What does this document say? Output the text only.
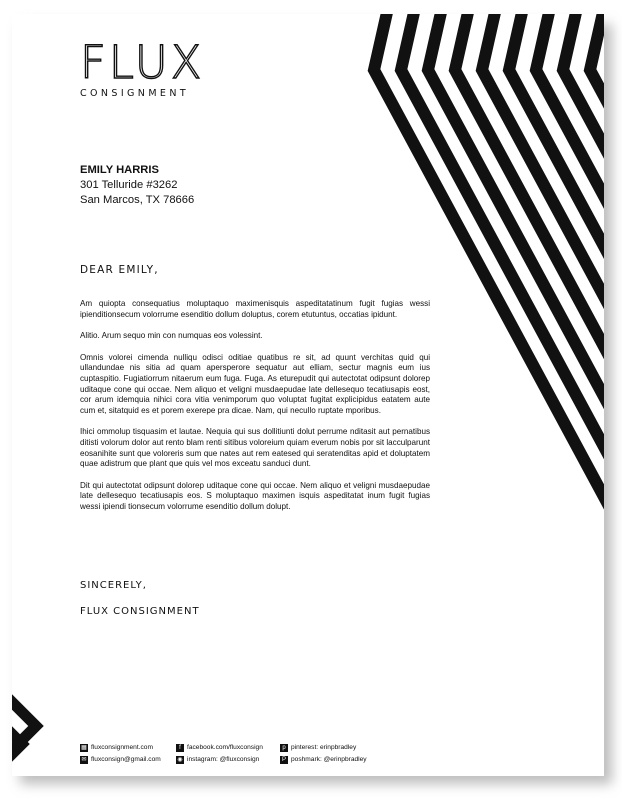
FLUX
CONSIGNMENT
EMILY HARRIS
301 Telluride #3262
San Marcos, TX 78666
DEAR EMILY,

Am quiopta consequatius moluptaquo maximenisquis aspeditatatinum fugit fugias wessi ipienditionsecum volorrume esenditio dollum doluptus, corem etutuntus, occatias ipidunt.

Alitio. Arum sequo min con numquas eos volessint.

Omnis volorei cimenda nulliqu odisci oditiae quatibus re sit, ad quunt verchitas quid qui ullandundae nis sitia ad quam apersperore sequatur aut elliam, sectur magnis eum ius cuptaspitio. Fugiatiorrum nitaerum eum fuga. Fuga. As eturepudit qui autectotat odipsunt dolorep uditaque cone qui occae. Nem aliquo et veligni musdaepudae late dellesequo tecatiusapis eost, cor arum idemquia nihici cora vitia venimporum quo voluptat fugitat explicipidus eatatem aute cum et, sitatquid es et porem exerepe pra dicae. Nam, qui necullo ruptate mporibus.

Ihici ommolup tisquasim et lautae. Nequia qui sus dollitiunti dolut perrume nditasit aut pernatibus ditisti volorum dolor aut rento blam renti sitibus voloreium quiam everum nobis por sit lacculparunt eosanihite sunt que voloreris sum que nates aut rem eatesed qui seratenditas apid et doluptatem quae adistrum que plant que quis vel mos exceatu sanduci dunt.

Dit qui autectotat odipsunt dolorep uditaque cone qui occae. Nem aliquo et veligni musdaepudae late dellesequo tecatiusapis eos. S moluptaquo maximen isquis aspeditatat inum fugit fugias wessi ipiendi tionsecum volorrume esenditio dollum dolupt.

SINCERELY,
FLUX CONSIGNMENT
▦ fluxconsignment.com
✉ fluxconsign@gmail.com
f facebook.com/fluxconsign
◉ instagram: @fluxconsign
p pinterest: erinpbradley
P poshmark: @erinpbradley
